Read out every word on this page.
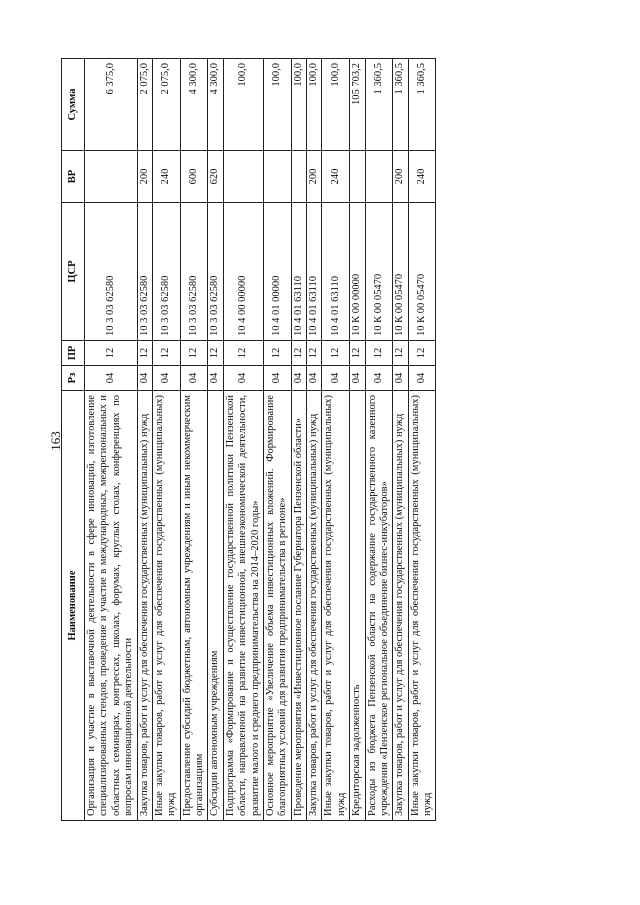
163
Наименование	Рз	ПР	ЦСР	ВР	Сумма
Организация и участие в выставочной деятельности в сфере инноваций, изготовление специализированных стендов, проведение и участие в международных, межрегиональных и областных семинарах, конгрессах, школах, форумах, круглых столах, конференциях по вопросам инновационной деятельности	04	12	10 3 03 62580		6 375,0
Закупка товаров, работ и услуг для обеспечения государственных (муниципальных) нужд	04	12	10 3 03 62580	200	2 075,0
Иные закупки товаров, работ и услуг для обеспечения государственных (муниципальных) нужд	04	12	10 3 03 62580	240	2 075,0
Предоставление субсидий бюджетным, автономным учреждениям и иным некоммерческим организациям	04	12	10 3 03 62580	600	4 300,0
Субсидии автономным учреждениям	04	12	10 3 03 62580	620	4 300,0
Подпрограмма «Формирование и осуществление государственной политики Пензенской области, направленной на развитие инвестиционной, внешнеэкономической деятельности, развитие малого и среднего предпринимательства на 2014–2020 годы»	04	12	10 4 00 00000		100,0
Основное мероприятие «Увеличение объема инвестиционных вложений. Формирование благоприятных условий для развития предпринимательства в регионе»	04	12	10 4 01 00000		100,0
Проведение мероприятия «Инвестиционное послание Губернатора Пензенской области»	04	12	10 4 01 63110		100,0
Закупка товаров, работ и услуг для обеспечения государственных (муниципальных) нужд	04	12	10 4 01 63110	200	100,0
Иные закупки товаров, работ и услуг для обеспечения государственных (муниципальных) нужд	04	12	10 4 01 63110	240	100,0
Кредиторская задолженность	04	12	10 К 00 00000		105 703,2
Расходы из бюджета Пензенской области на содержание государственного казенного учреждения «Пензенское региональное объединение бизнес-инкубаторов»	04	12	10 К 00 05470		1 360,5
Закупка товаров, работ и услуг для обеспечения государственных (муниципальных) нужд	04	12	10 К 00 05470	200	1 360,5
Иные закупки товаров, работ и услуг для обеспечения государственных (муниципальных) нужд	04	12	10 К 00 05470	240	1 360,5
